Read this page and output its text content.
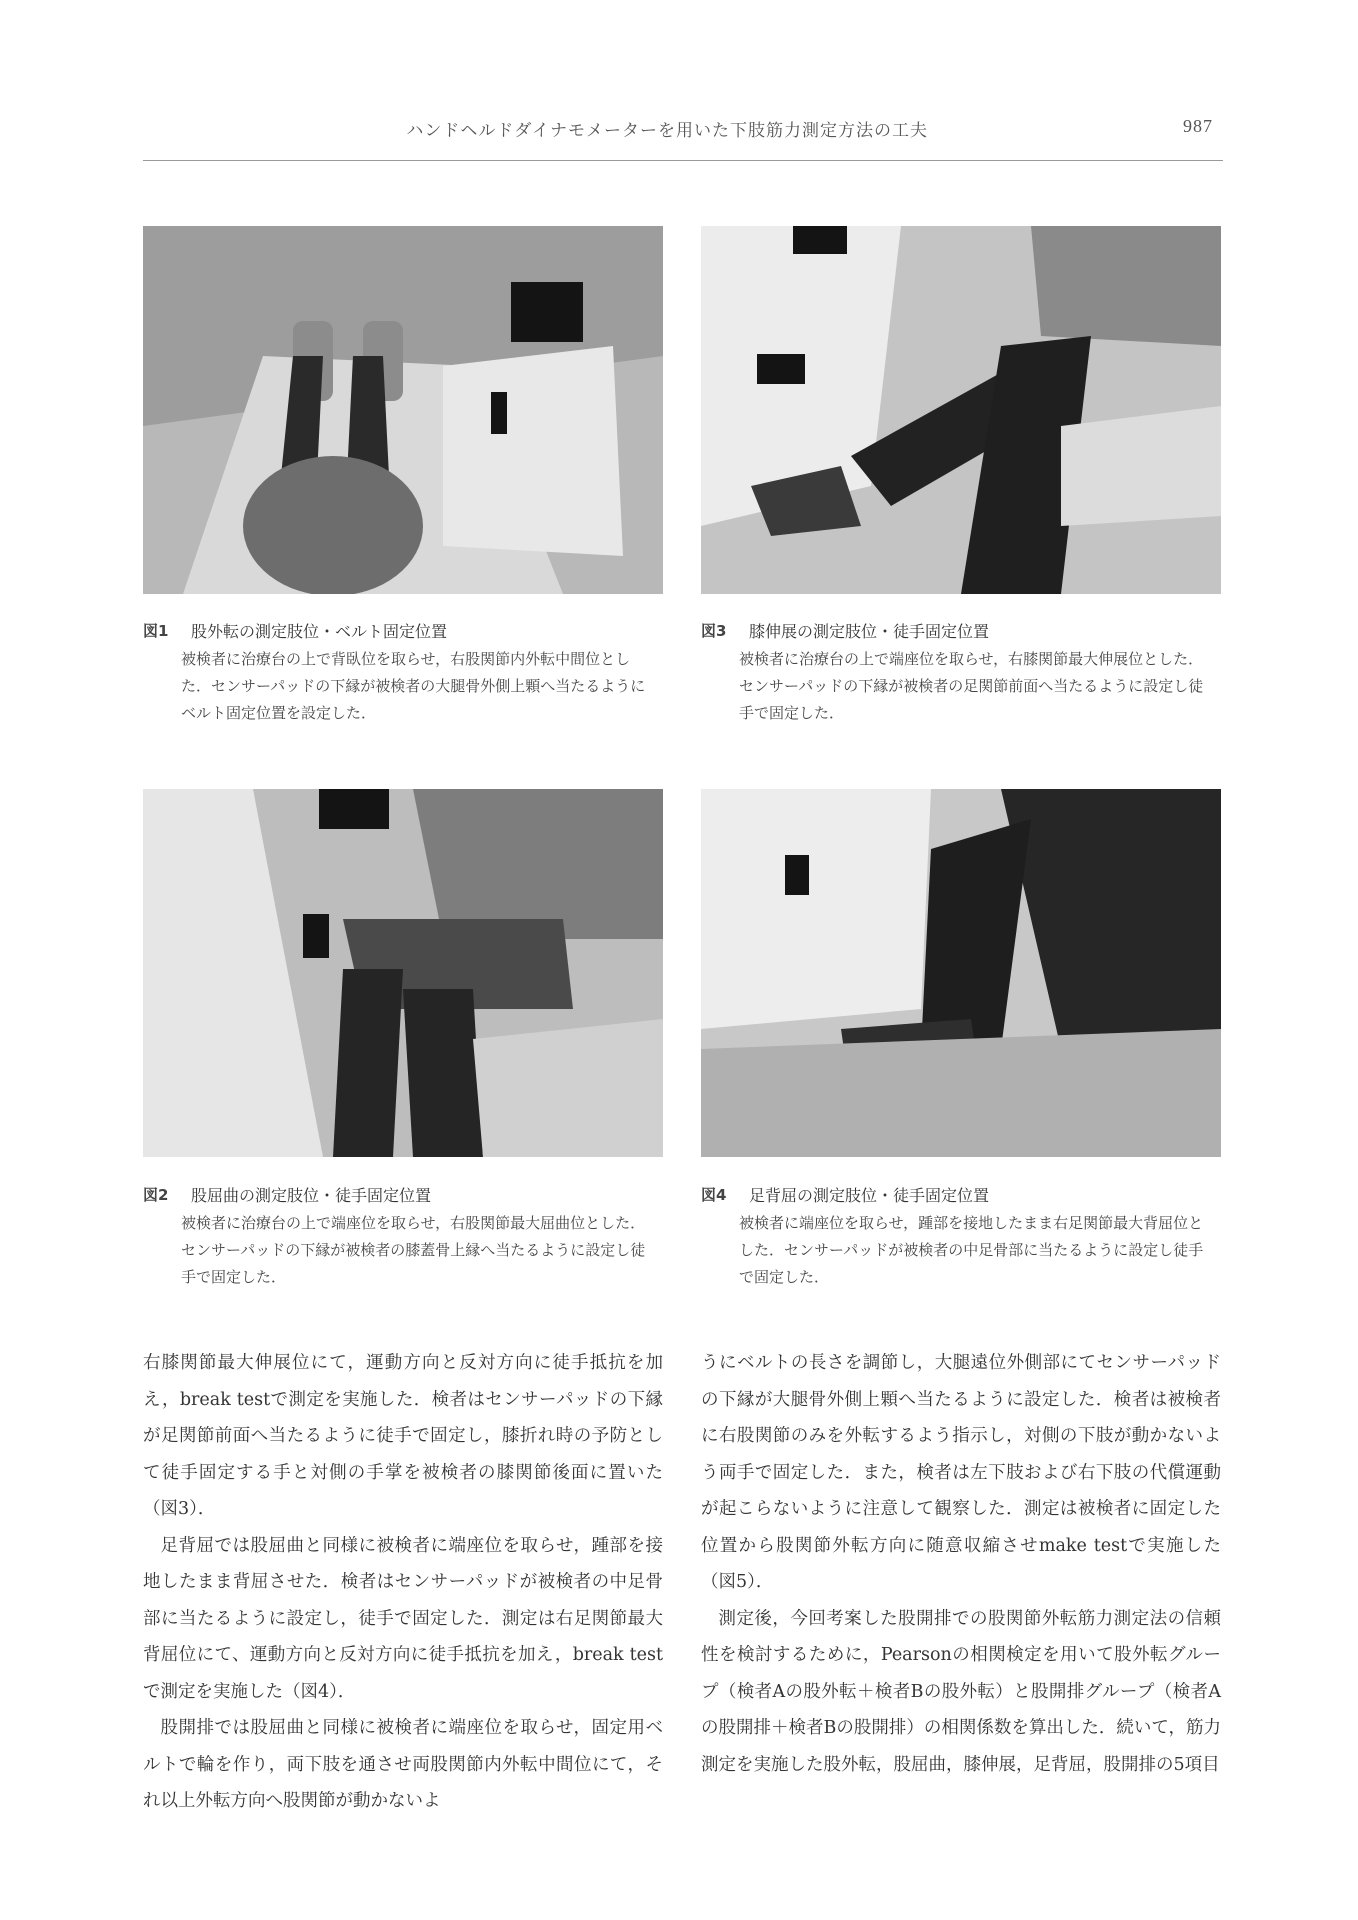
ハンドヘルドダイナモメーターを用いた下肢筋力測定方法の工夫	987
図1 股外転の測定肢位・ベルト固定位置
被検者に治療台の上で背臥位を取らせ，右股関節内外転中間位とした．センサーパッドの下縁が被検者の大腿骨外側上顆へ当たるようにベルト固定位置を設定した．
図3 膝伸展の測定肢位・徒手固定位置
被検者に治療台の上で端座位を取らせ，右膝関節最大伸展位とした．センサーパッドの下縁が被検者の足関節前面へ当たるように設定し徒手で固定した．
図2 股屈曲の測定肢位・徒手固定位置
被検者に治療台の上で端座位を取らせ，右股関節最大屈曲位とした．センサーパッドの下縁が被検者の膝蓋骨上縁へ当たるように設定し徒手で固定した．
図4 足背屈の測定肢位・徒手固定位置
被検者に端座位を取らせ，踵部を接地したまま右足関節最大背屈位とした．センサーパッドが被検者の中足骨部に当たるように設定し徒手で固定した．

右膝関節最大伸展位にて，運動方向と反対方向に徒手抵抗を加え，break testで測定を実施した．検者はセンサーパッドの下縁が足関節前面へ当たるように徒手で固定し，膝折れ時の予防として徒手固定する手と対側の手掌を被検者の膝関節後面に置いた（図3）．

足背屈では股屈曲と同様に被検者に端座位を取らせ，踵部を接地したまま背屈させた．検者はセンサーパッドが被検者の中足骨部に当たるように設定し，徒手で固定した．測定は右足関節最大背屈位にて、運動方向と反対方向に徒手抵抗を加え，break testで測定を実施した（図4）．

股開排では股屈曲と同様に被検者に端座位を取らせ，固定用ベルトで輪を作り，両下肢を通させ両股関節内外転中間位にて，それ以上外転方向へ股関節が動かないよ

うにベルトの長さを調節し，大腿遠位外側部にてセンサーパッドの下縁が大腿骨外側上顆へ当たるように設定した．検者は被検者に右股関節のみを外転するよう指示し，対側の下肢が動かないよう両手で固定した．また，検者は左下肢および右下肢の代償運動が起こらないように注意して観察した．測定は被検者に固定した位置から股関節外転方向に随意収縮させmake testで実施した（図5）．

測定後，今回考案した股開排での股関節外転筋力測定法の信頼性を検討するために，Pearsonの相関検定を用いて股外転グループ（検者Aの股外転＋検者Bの股外転）と股開排グループ（検者Aの股開排＋検者Bの股開排）の相関係数を算出した．続いて，筋力測定を実施した股外転，股屈曲，膝伸展，足背屈，股開排の5項目
